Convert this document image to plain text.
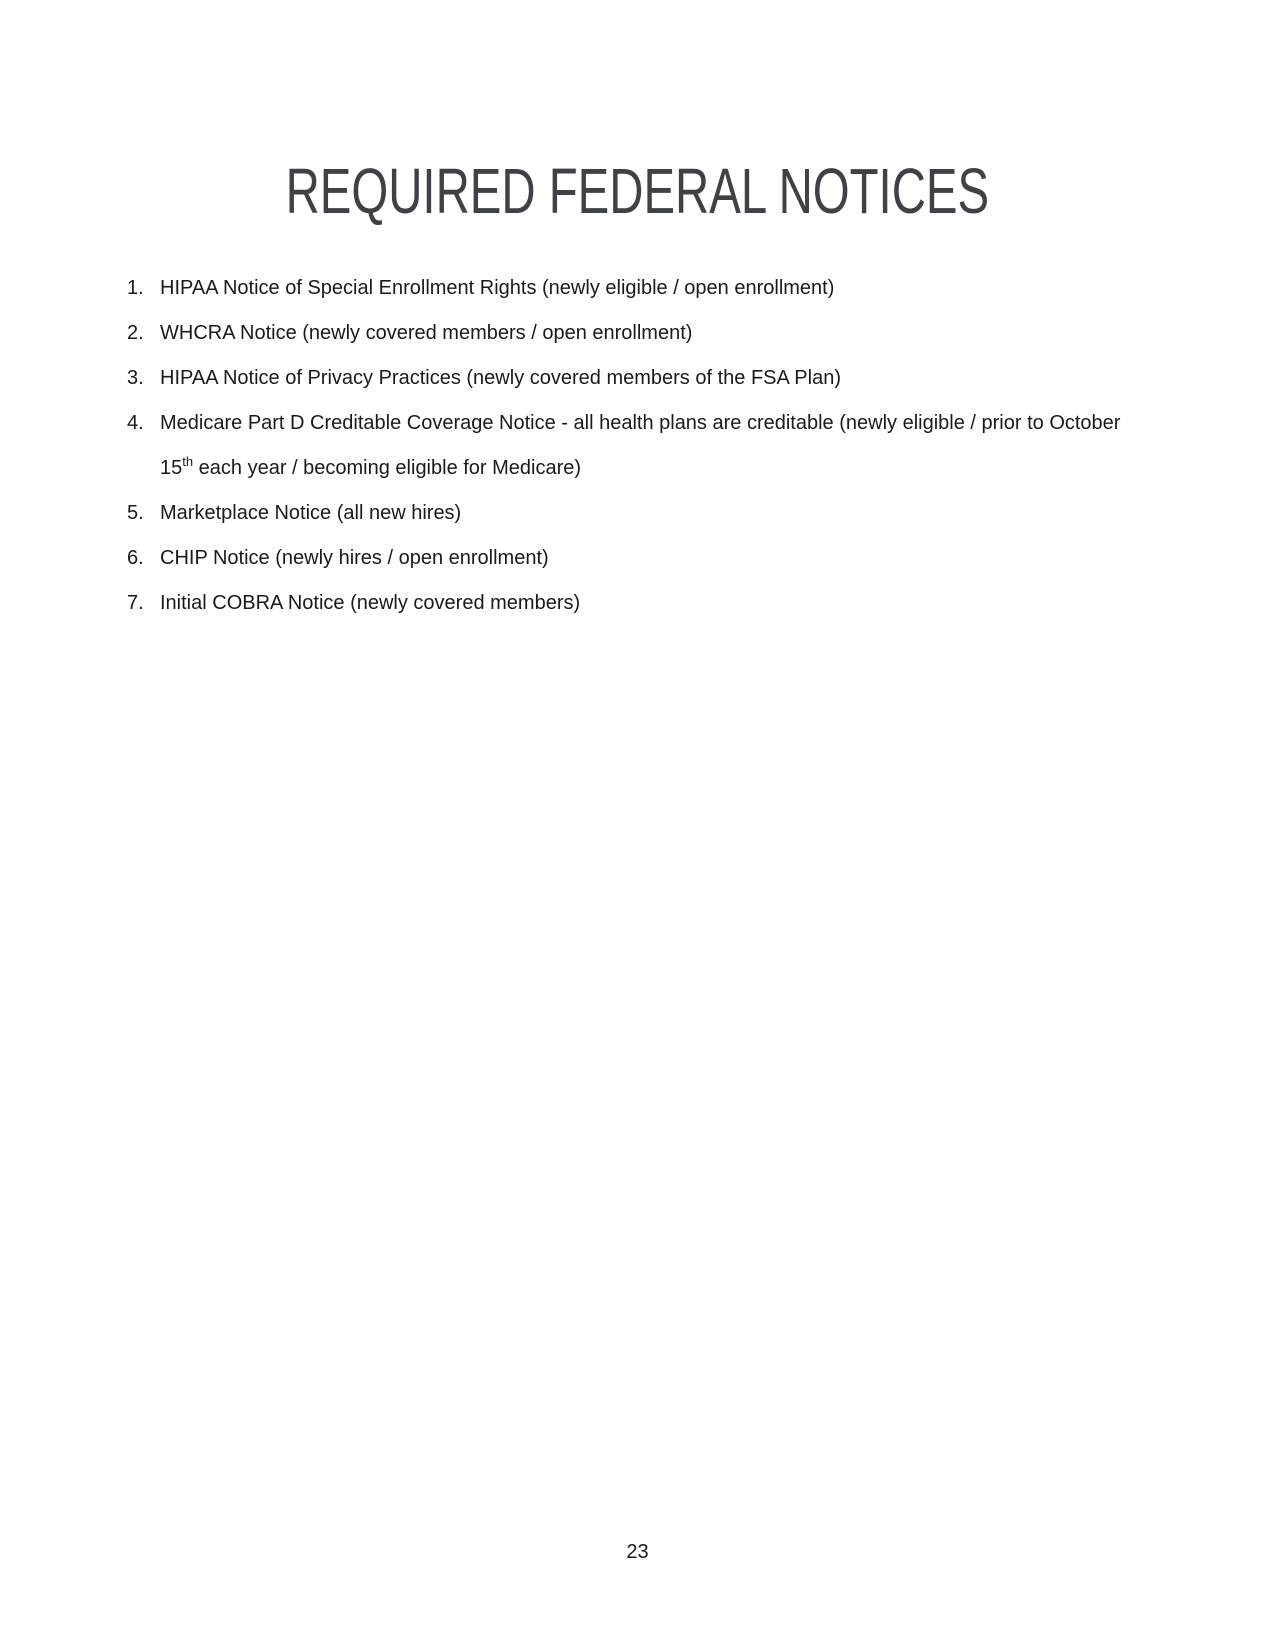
REQUIRED FEDERAL NOTICES
1. HIPAA Notice of Special Enrollment Rights (newly eligible / open enrollment)
2. WHCRA Notice (newly covered members / open enrollment)
3. HIPAA Notice of Privacy Practices (newly covered members of the FSA Plan)
4. Medicare Part D Creditable Coverage Notice - all health plans are creditable (newly eligible / prior to October 15th each year / becoming eligible for Medicare)
5. Marketplace Notice (all new hires)
6. CHIP Notice (newly hires / open enrollment)
7. Initial COBRA Notice (newly covered members)
23
